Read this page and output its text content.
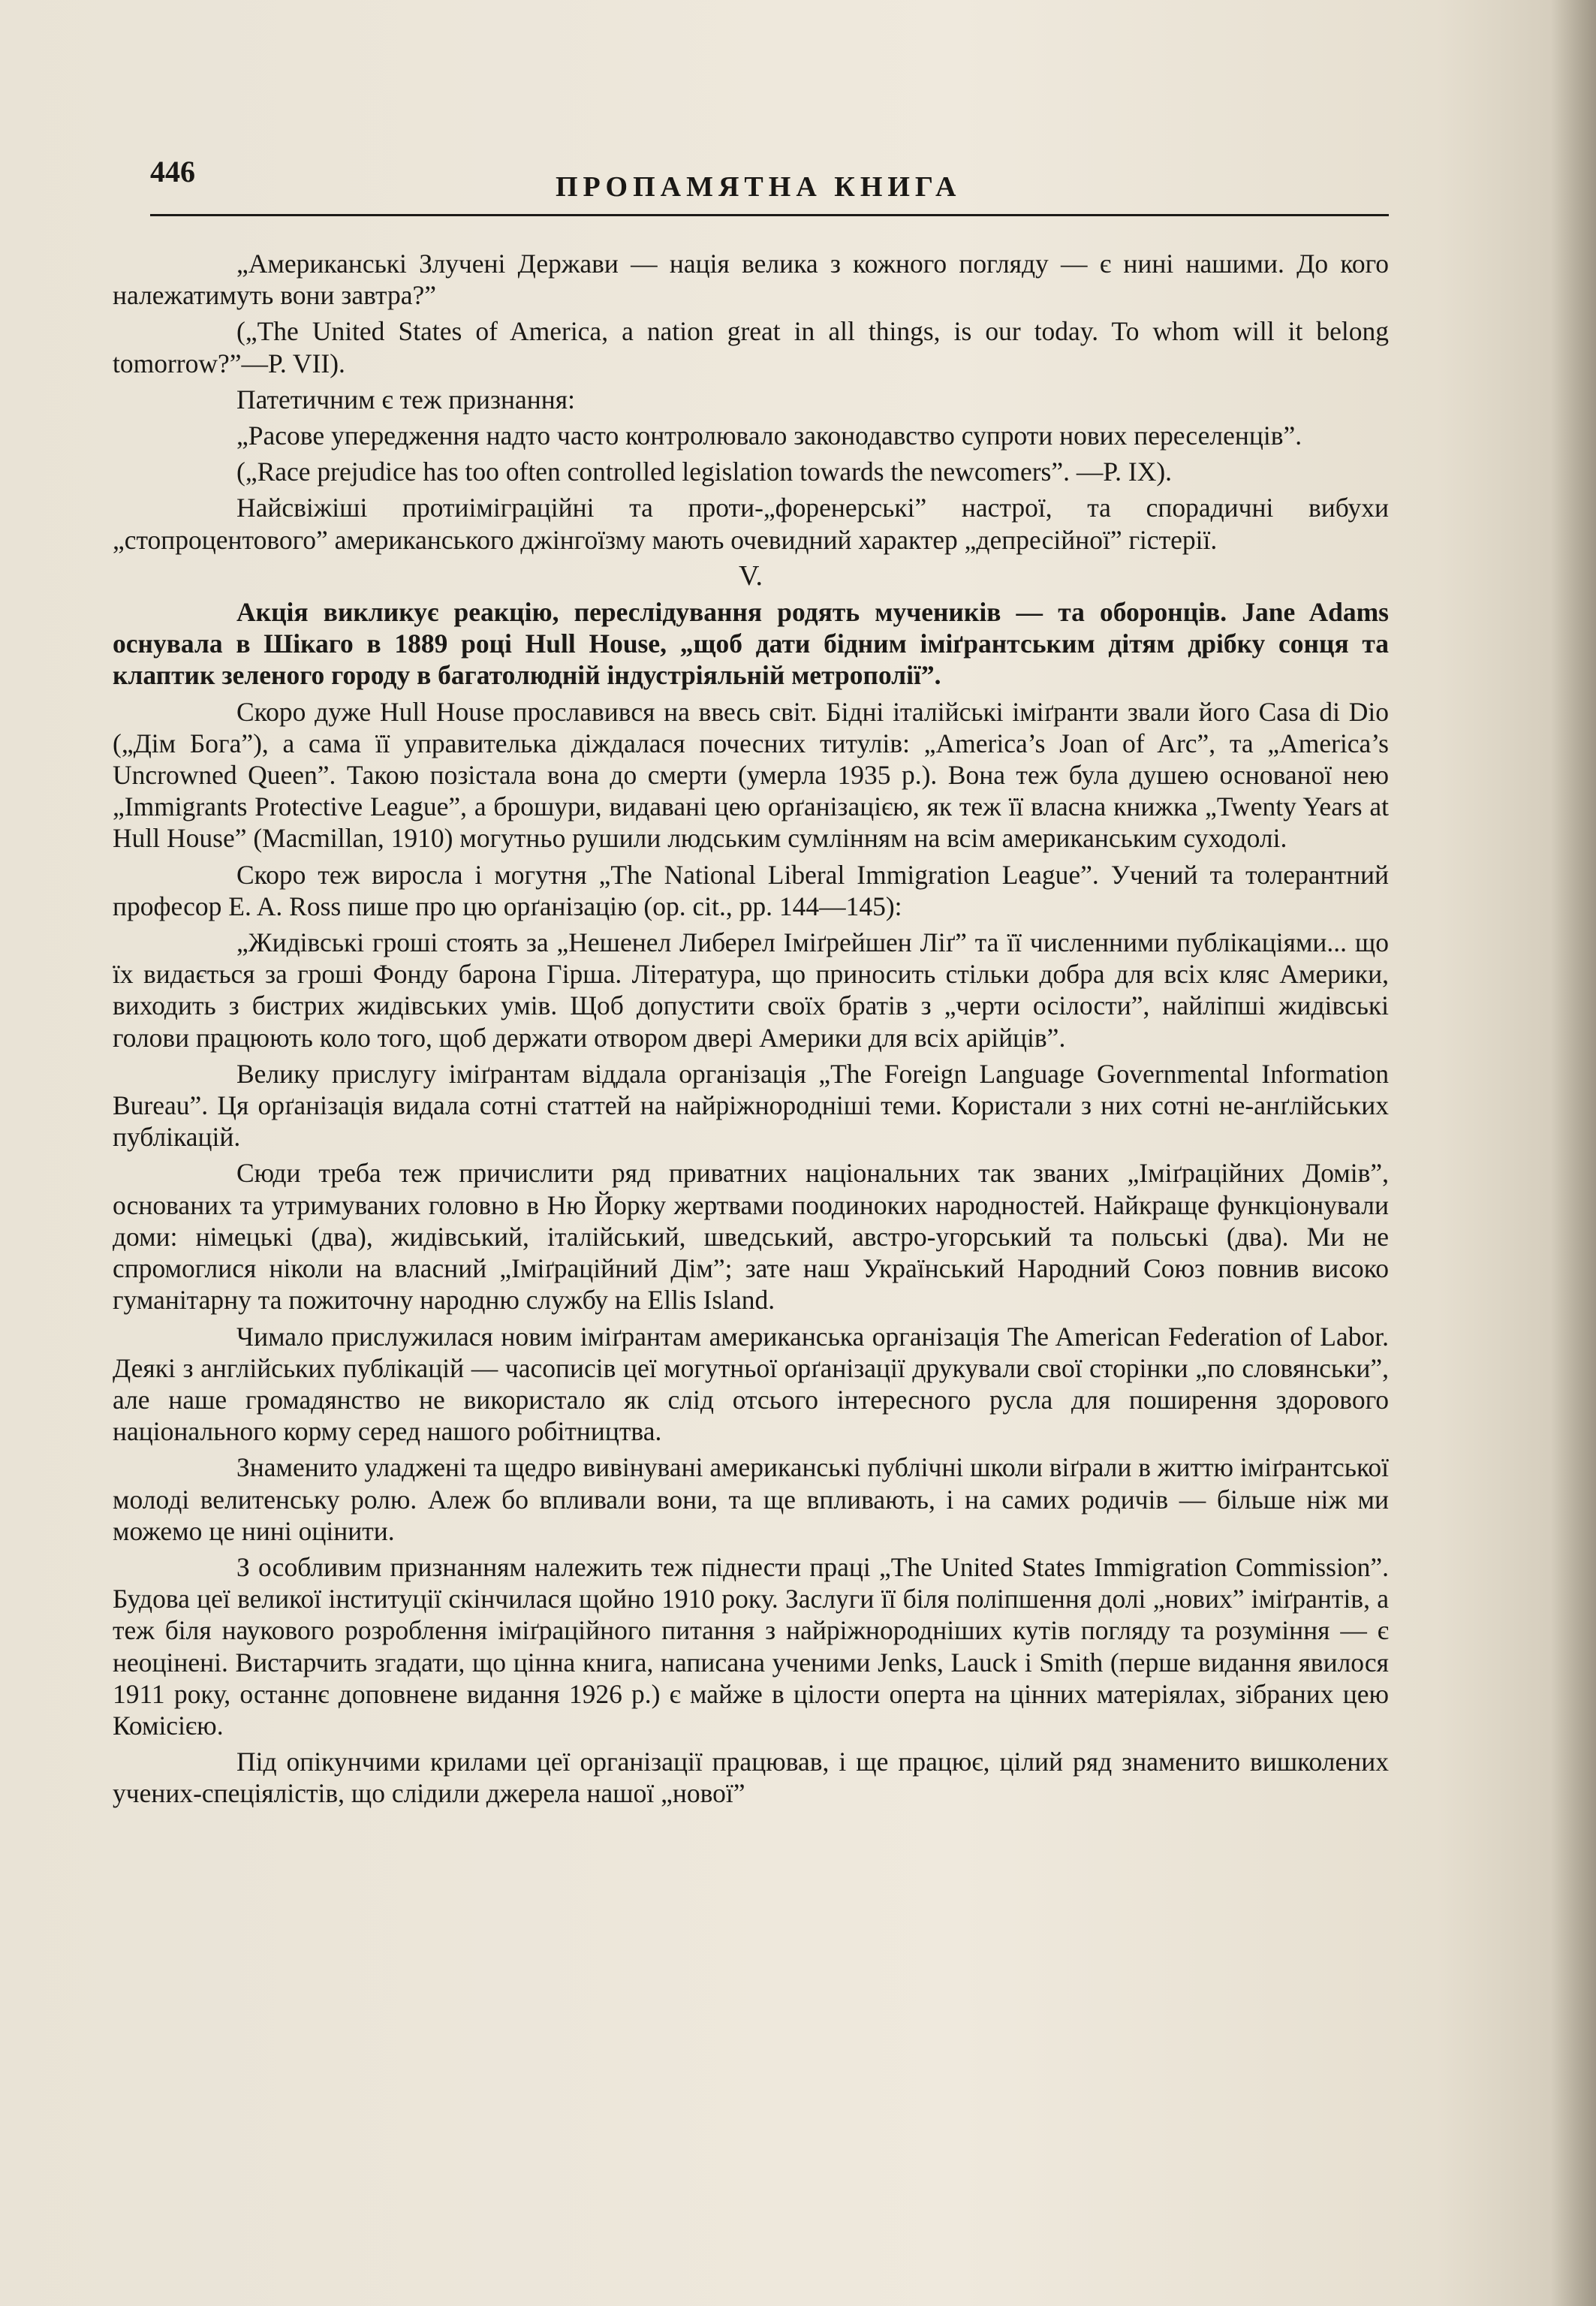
446	ПРОПАМЯТНА КНИГА

„Американські Злучені Держави — нація велика з кожного погляду — є нині нашими. До кого належатимуть вони завтра?”

(„The United States of America, a nation great in all things, is our today. To whom will it belong tomorrow?”—P. VII).

Патетичним є теж признання:

„Расове упередження надто часто контролювало законодавство супроти нових переселенців”.

(„Race prejudice has too often controlled legislation towards the newcomers”. —P. IX).

Найсвіжіші протиіміграційні та проти-„форенерські” настрої, та спорадичні вибухи „стопроцентового” американського джінгоїзму мають очевидний характер „депресійної” гістерії.

V.

Акція викликує реакцію, переслідування родять мучеників — та оборонців. Jane Adams оснувала в Шікаго в 1889 році Hull House, „щоб дати бідним іміґрантським дітям дрібку сонця та клаптик зеленого городу в багатолюдній індустріяльній метрополії”.

Скоро дуже Hull House прославився на ввесь світ. Бідні італійські іміґранти звали його Casa di Dio („Дім Бога”), а сама її управителька діждалася почесних титулів: „America’s Joan of Arc”, та „America’s Uncrowned Queen”. Такою позістала вона до смерти (умерла 1935 р.). Вона теж була душею основаної нею „Immigrants Protective League”, а брошури, видавані цею орґанізацією, як теж її власна книжка „Twenty Years at Hull House” (Macmillan, 1910) могутньо рушили людським сумлінням на всім американським суходолі.

Скоро теж виросла і могутня „The National Liberal Immigration League”. Учений та толерантний професор E. A. Ross пише про цю орґанізацію (op. cit., pp. 144—145):

„Жидівські гроші стоять за „Нешенел Либерел Іміґрейшен Ліґ” та її численними публікаціями... що їх видається за гроші Фонду барона Гірша. Література, що приносить стільки добра для всіх кляс Америки, виходить з бистрих жидівських умів. Щоб допустити своїх братів з „черти осілости”, найліпші жидівські голови працюють коло того, щоб держати отвором двері Америки для всіх арійців”.

Велику прислугу іміґрантам віддала організація „The Foreign Language Governmental Information Bureau”. Ця орґанізація видала сотні статтей на найріжнородніші теми. Користали з них сотні не-анґлійських публікацій.

Сюди треба теж причислити ряд приватних національних так званих „Іміґраційних Домів”, основаних та утримуваних головно в Ню Йорку жертвами поодиноких народностей. Найкраще функціонували доми: німецькі (два), жидівський, італійський, шведський, австро-угорський та польські (два). Ми не спромоглися ніколи на власний „Іміґраційний Дім”; зате наш Український Народний Союз повнив високо гуманітарну та пожиточну народню службу на Ellis Island.

Чимало прислужилася новим іміґрантам американська організація The American Federation of Labor. Деякі з англійських публікацій — часописів цеї могутньої орґанізації друкували свої сторінки „по словянськи”, але наше громадянство не використало як слід отсього інтересного русла для поширення здорового національного корму серед нашого робітництва.

Знаменито уладжені та щедро вивінувані американські публічні школи віґрали в життю іміґрантської молоді велитенську ролю. Алеж бо впливали вони, та ще впливають, і на самих родичів — більше ніж ми можемо це нині оцінити.

З особливим признанням належить теж піднести праці „The United States Immigration Commission”. Будова цеї великої інституції скінчилася щойно 1910 року. Заслуги її біля поліпшення долі „нових” іміґрантів, а теж біля наукового розроблення іміґраційного питання з найріжнородніших кутів погляду та розуміння — є неоцінені. Вистарчить згадати, що цінна книга, написана ученими Jenks, Lauck і Smith (перше видання явилося 1911 року, останнє доповнене видання 1926 р.) є майже в цілости оперта на цінних матеріялах, зібраних цею Комісією.

Під опікунчими крилами цеї організації працював, і ще працює, цілий ряд знаменито вишколених учених-спеціялістів, що слідили джерела нашої „нової”
